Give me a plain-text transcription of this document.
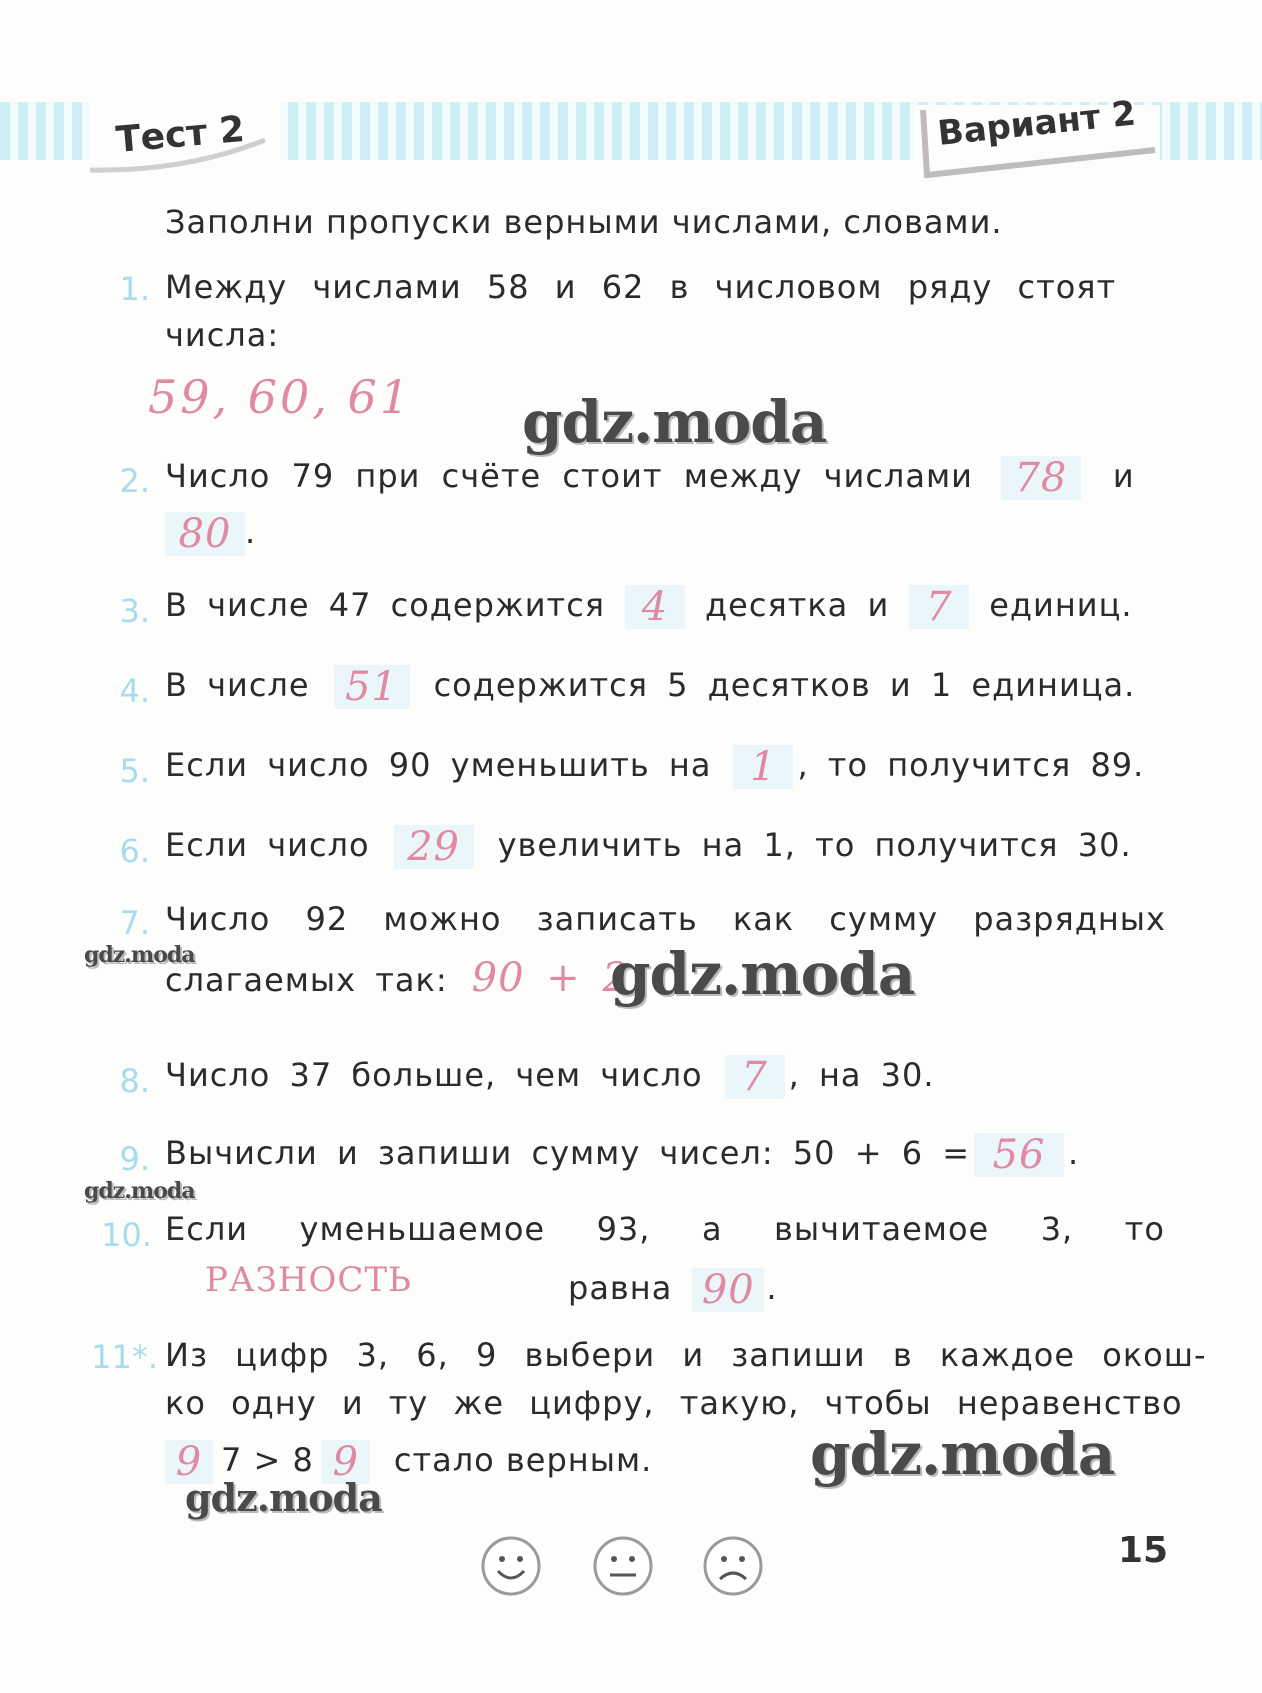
Тест 2	Вариант 2
Заполни пропуски верными числами, словами.
1. Между числами 58 и 62 в числовом ряду стоят
числа:
59, 60, 61
2. Число 79 при счёте стоит между числами 78 и
80 .
3. В числе 47 содержится 4 десятка и 7 единиц.
4. В числе 51 содержится 5 десятков и 1 единица.
5. Если число 90 уменьшить на 1 , то получится 89.
6. Если число 29 увеличить на 1, то получится 30.
7. Число 92 можно записать как сумму разрядных
слагаемых так: 90 + 2
8. Число 37 больше, чем число 7 , на 30.
9. Вычисли и запиши сумму чисел: 50 + 6 = 56 .
10. Если уменьшаемое 93, а вычитаемое 3, то
РАЗНОСТЬ	равна 90 .
11*. Из цифр 3, 6, 9 выбери и запиши в каждое окош-
ко одну и ту же цифру, такую, чтобы неравенство
9 7 > 8 9 стало верным.
gdz.moda
gdz.moda	gdz.moda
gdz.moda
gdz.moda
gdz.moda
15
